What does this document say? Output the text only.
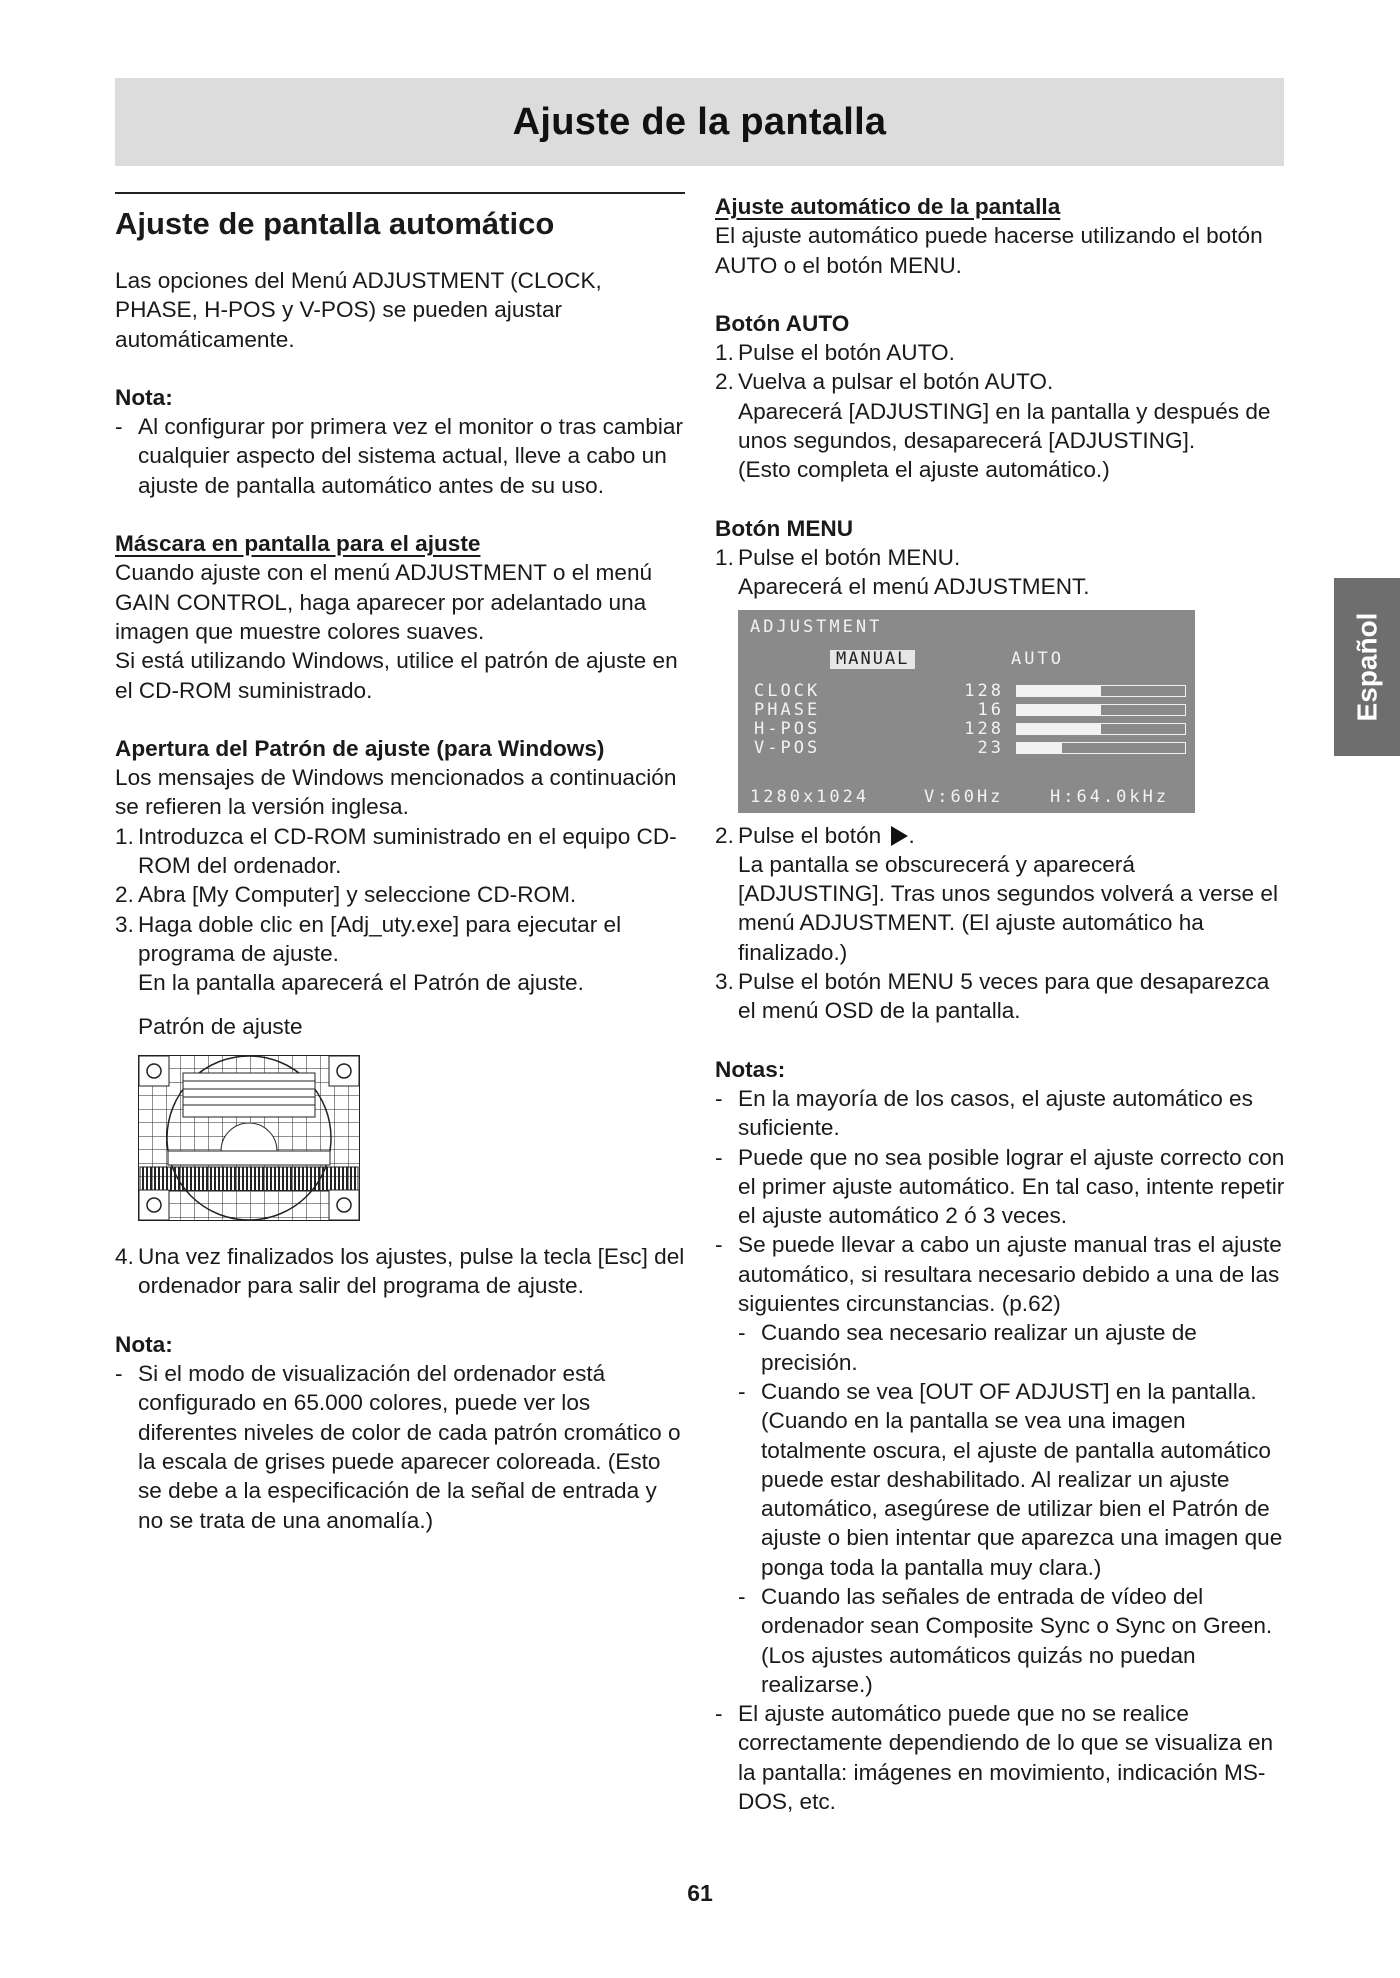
Ajuste de la pantalla
Español
Ajuste de pantalla automático

Las opciones del Menú ADJUSTMENT (CLOCK, PHASE, H-POS y V-POS) se pueden ajustar automáticamente.

Nota:

- Al configurar por primera vez el monitor o tras cambiar cualquier aspecto del sistema actual, lleve a cabo un ajuste de pantalla automático antes de su uso.

Máscara en pantalla para el ajuste

Cuando ajuste con el menú ADJUSTMENT o el menú GAIN CONTROL, haga aparecer por adelantado una imagen que muestre colores suaves.

Si está utilizando Windows, utilice el patrón de ajuste en el CD-ROM suministrado.

Apertura del Patrón de ajuste (para Windows)

Los mensajes de Windows mencionados a continuación se refieren la versión inglesa.

1. Introduzca el CD-ROM suministrado en el equipo CD-ROM del ordenador.
2. Abra [My Computer] y seleccione CD-ROM.
3. Haga doble clic en [Adj_uty.exe] para ejecutar el programa de ajuste.

En la pantalla aparecerá el Patrón de ajuste.

Patrón de ajuste

4. Una vez finalizados los ajustes, pulse la tecla [Esc] del ordenador para salir del programa de ajuste.

Nota:

- Si el modo de visualización del ordenador está configurado en 65.000 colores, puede ver los diferentes niveles de color de cada patrón cromático o la escala de grises puede aparecer coloreada. (Esto se debe a la especificación de la señal de entrada y no se trata de una anomalía.)

Ajuste automático de la pantalla

El ajuste automático puede hacerse utilizando el botón AUTO o el botón MENU.

Botón AUTO

1. Pulse el botón AUTO.
2. Vuelva a pulsar el botón AUTO.

Aparecerá [ADJUSTING] en la pantalla y después de unos segundos, desaparecerá [ADJUSTING].

(Esto completa el ajuste automático.)

Botón MENU

1. Pulse el botón MENU.

Aparecerá el menú ADJUSTMENT.

ADJUSTMENT
MANUAL	AUTO
CLOCK	128
PHASE	16
H-POS	128
V-POS	23
1280x1024	V:60Hz	H:64.0kHz
2. Pulse el botón .

La pantalla se obscurecerá y aparecerá [ADJUSTING]. Tras unos segundos volverá a verse el menú ADJUSTMENT. (El ajuste automático ha finalizado.)

3. Pulse el botón MENU 5 veces para que desaparezca el menú OSD de la pantalla.

Notas:

- En la mayoría de los casos, el ajuste automático es suficiente.
- Puede que no sea posible lograr el ajuste correcto con el primer ajuste automático. En tal caso, intente repetir el ajuste automático 2 ó 3 veces.
- Se puede llevar a cabo un ajuste manual tras el ajuste automático, si resultara necesario debido a una de las siguientes circunstancias. (p.62)
- Cuando sea necesario realizar un ajuste de precisión.
- Cuando se vea [OUT OF ADJUST] en la pantalla. (Cuando en la pantalla se vea una imagen totalmente oscura, el ajuste de pantalla automático puede estar deshabilitado. Al realizar un ajuste automático, asegúrese de utilizar bien el Patrón de ajuste o bien intentar que aparezca una imagen que ponga toda la pantalla muy clara.)
- Cuando las señales de entrada de vídeo del ordenador sean Composite Sync o Sync on Green. (Los ajustes automáticos quizás no puedan realizarse.)
- El ajuste automático puede que no se realice correctamente dependiendo de lo que se visualiza en la pantalla: imágenes en movimiento, indicación MS-DOS, etc.
61
